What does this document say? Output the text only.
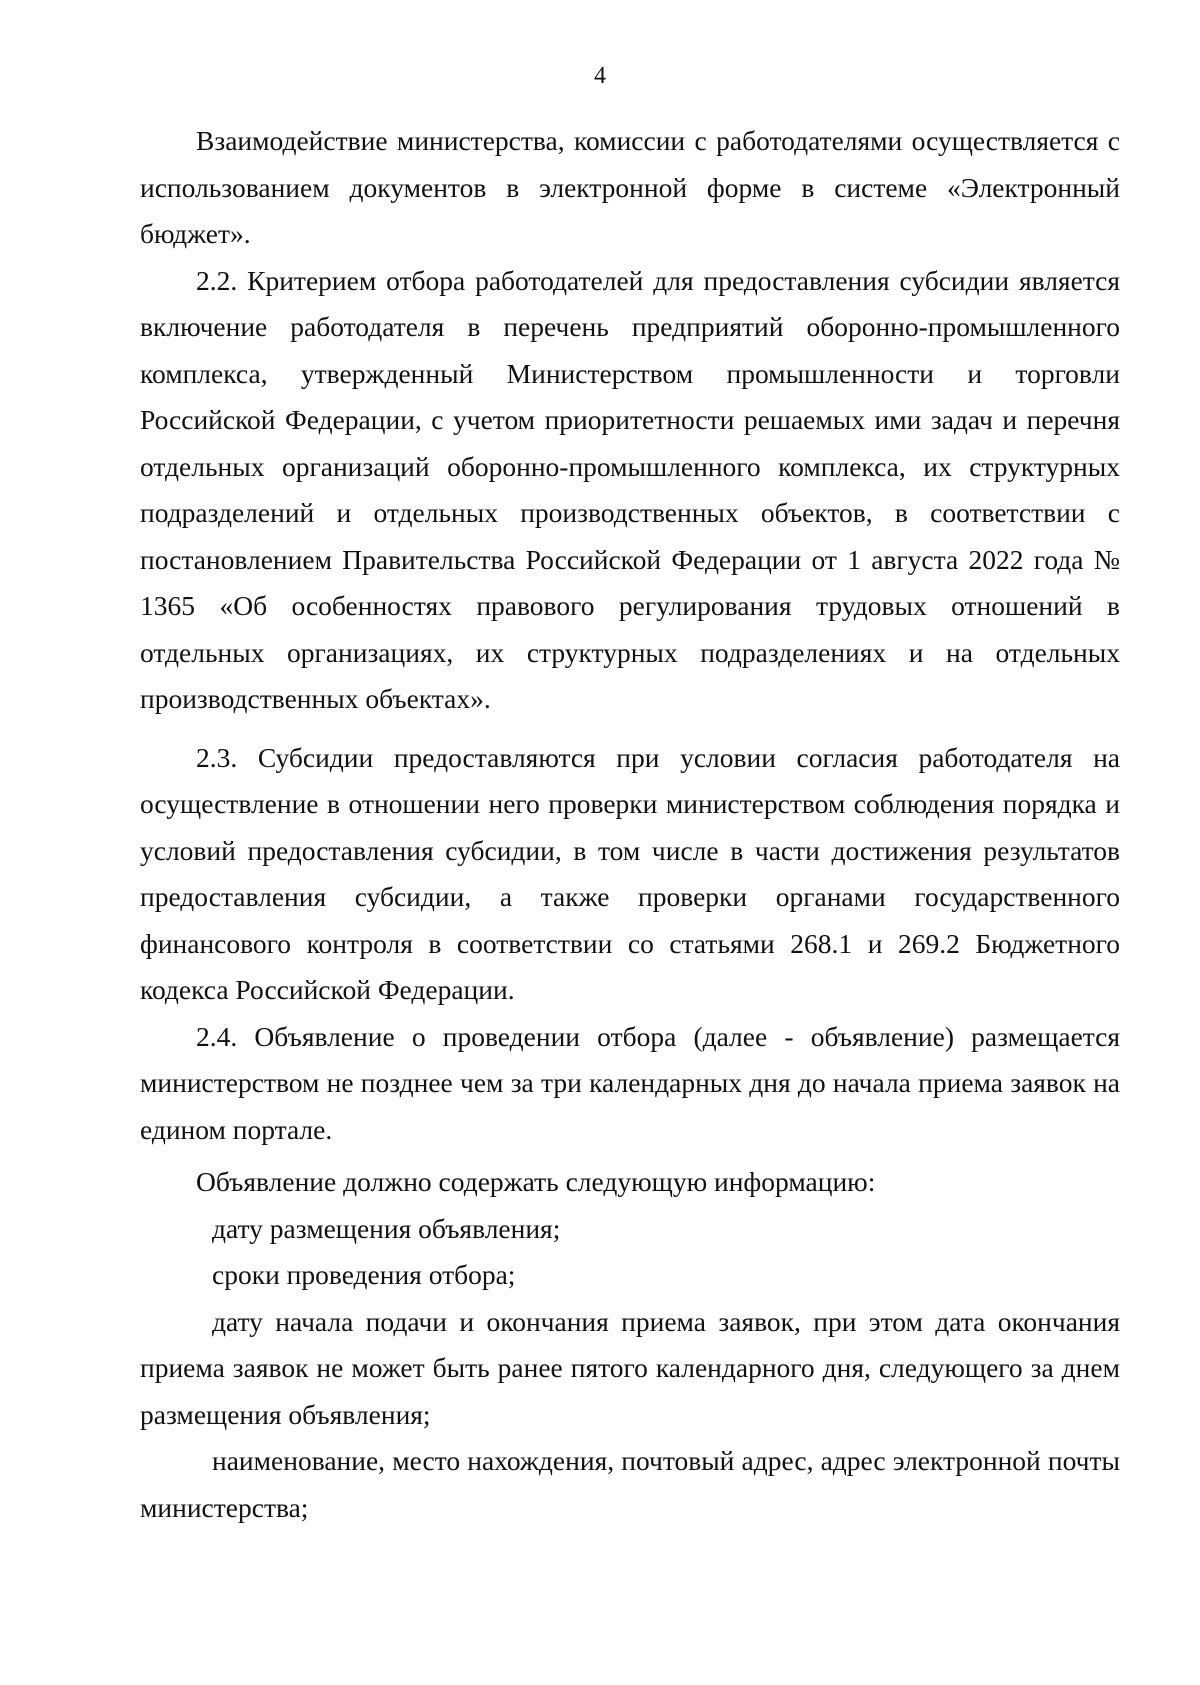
4

Взаимодействие министерства, комиссии с работодателями осуществляется с использованием документов в электронной форме в системе «Электронный бюджет».

2.2. Критерием отбора работодателей для предоставления субсидии является включение работодателя в перечень предприятий оборонно-промышленного комплекса, утвержденный Министерством промышленности и торговли Российской Федерации, с учетом приоритетности решаемых ими задач и перечня отдельных организаций оборонно-промышленного комплекса, их структурных подразделений и отдельных производственных объектов, в соответствии с постановлением Правительства Российской Федерации от 1 августа 2022 года № 1365 «Об особенностях правового регулирования трудовых отношений в отдельных организациях, их структурных подразделениях и на отдельных производственных объектах».

2.3. Субсидии предоставляются при условии согласия работодателя на осуществление в отношении него проверки министерством соблюдения порядка и условий предоставления субсидии, в том числе в части достижения результатов предоставления субсидии, а также проверки органами государственного финансового контроля в соответствии со статьями 268.1 и 269.2 Бюджетного кодекса Российской Федерации.

2.4. Объявление о проведении отбора (далее - объявление) размещается министерством не позднее чем за три календарных дня до начала приема заявок на едином портале.

Объявление должно содержать следующую информацию:

дату размещения объявления;

сроки проведения отбора;

дату начала подачи и окончания приема заявок, при этом дата окончания приема заявок не может быть ранее пятого календарного дня, следующего за днем размещения объявления;

наименование, место нахождения, почтовый адрес, адрес электронной почты министерства;
